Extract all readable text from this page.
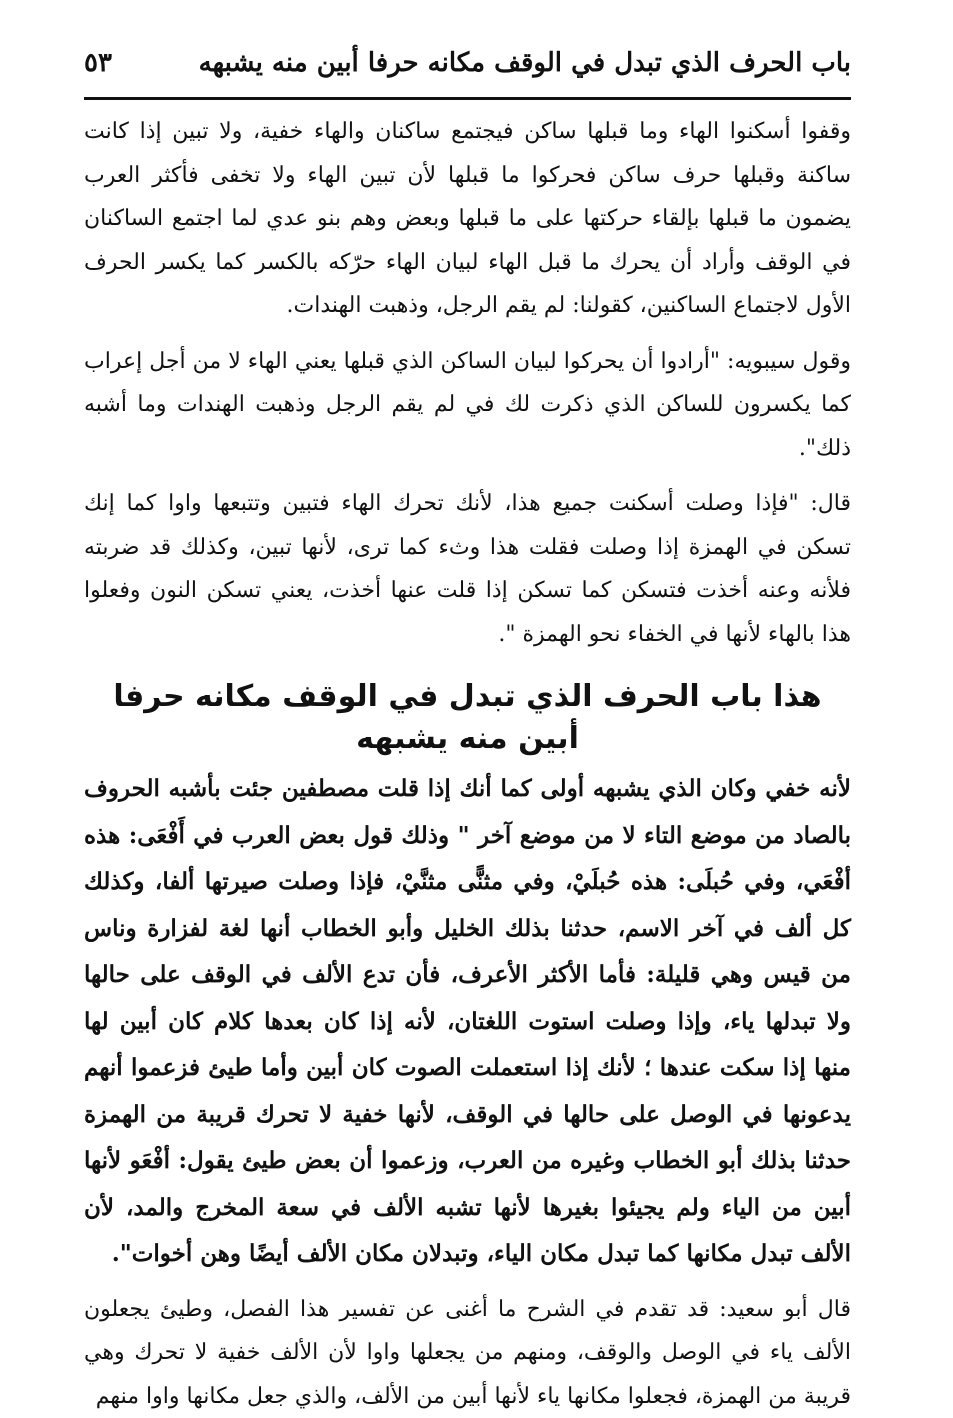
باب الحرف الذي تبدل في الوقف مكانه حرفا أبين منه يشبهه
٥٣

وقفوا أسكنوا الهاء وما قبلها ساكن فيجتمع ساكنان والهاء خفية، ولا تبين إذا كانت ساكنة وقبلها حرف ساكن فحركوا ما قبلها لأن تبين الهاء ولا تخفى فأكثر العرب يضمون ما قبلها بإلقاء حركتها على ما قبلها وبعض وهم بنو عدي لما اجتمع الساكنان في الوقف وأراد أن يحرك ما قبل الهاء لبيان الهاء حرّكه بالكسر كما يكسر الحرف الأول لاجتماع الساكنين، كقولنا: لم يقم الرجل، وذهبت الهندات.

وقول سيبويه: "أرادوا أن يحركوا لبيان الساكن الذي قبلها يعني الهاء لا من أجل إعراب كما يكسرون للساكن الذي ذكرت لك في لم يقم الرجل وذهبت الهندات وما أشبه ذلك".

قال: "فإذا وصلت أسكنت جميع هذا، لأنك تحرك الهاء فتبين وتتبعها واوا كما إنك تسكن في الهمزة إذا وصلت فقلت هذا وثء كما ترى، لأنها تبين، وكذلك قد ضربته فلأنه وعنه أخذت فتسكن كما تسكن إذا قلت عنها أخذت، يعني تسكن النون وفعلوا هذا بالهاء لأنها في الخفاء نحو الهمزة ".

هذا باب الحرف الذي تبدل في الوقف مكانه حرفا أبين منه يشبهه

لأنه خفي وكان الذي يشبهه أولى كما أنك إذا قلت مصطفين جئت بأشبه الحروف بالصاد من موضع التاء لا من موضع آخر " وذلك قول بعض العرب في أَفْعَى: هذه أفْعَي، وفي حُبلَى: هذه حُبلَيْ، وفي مثنًّى مثنَّيْ، فإذا وصلت صيرتها ألفا، وكذلك كل ألف في آخر الاسم، حدثنا بذلك الخليل وأبو الخطاب أنها لغة لفزارة وناس من قيس وهي قليلة: فأما الأكثر الأعرف، فأن تدع الألف في الوقف على حالها ولا تبدلها ياء، وإذا وصلت استوت اللغتان، لأنه إذا كان بعدها كلام كان أبين لها منها إذا سكت عندها ؛ لأنك إذا استعملت الصوت كان أبين وأما طيئ فزعموا أنهم يدعونها في الوصل على حالها في الوقف، لأنها خفية لا تحرك قريبة من الهمزة حدثنا بذلك أبو الخطاب وغيره من العرب، وزعموا أن بعض طيئ يقول: أفْعَو لأنها أبين من الياء ولم يجيئوا بغيرها لأنها تشبه الألف في سعة المخرج والمد، لأن الألف تبدل مكانها كما تبدل مكان الياء، وتبدلان مكان الألف أيضًا وهن أخوات".

قال أبو سعيد: قد تقدم في الشرح ما أغنى عن تفسير هذا الفصل، وطيئ يجعلون الألف ياء في الوصل والوقف، ومنهم من يجعلها واوا لأن الألف خفية لا تحرك وهي قريبة من الهمزة، فجعلوا مكانها ياء لأنها أبين من الألف، والذي جعل مكانها واوا منهم
